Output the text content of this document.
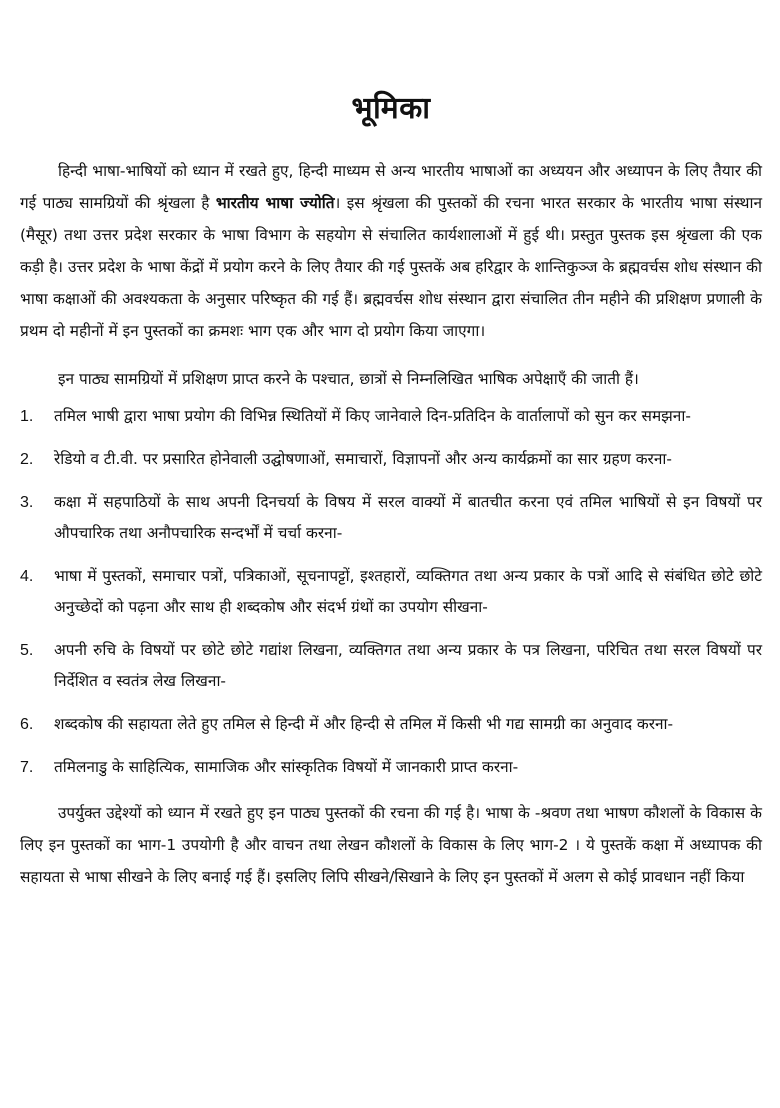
भूमिका

हिन्दी भाषा-भाषियों को ध्यान में रखते हुए, हिन्दी माध्यम से अन्य भारतीय भाषाओं का अध्ययन और अध्यापन के लिए तैयार की गई पाठ्य सामग्रियों की श्रृंखला है भारतीय भाषा ज्योति। इस श्रृंखला की पुस्तकों की रचना भारत सरकार के भारतीय भाषा संस्थान (मैसूर) तथा उत्तर प्रदेश सरकार के भाषा विभाग के सहयोग से संचालित कार्यशालाओं में हुई थी। प्रस्तुत पुस्तक इस श्रृंखला की एक कड़ी है। उत्तर प्रदेश के भाषा केंद्रों में प्रयोग करने के लिए तैयार की गई पुस्तकें अब हरिद्वार के शान्तिकुञ्ज के ब्रह्मवर्चस शोध संस्थान की भाषा कक्षाओं की अवश्यकता के अनुसार परिष्कृत की गई हैं। ब्रह्मवर्चस शोध संस्थान द्वारा संचालित तीन महीने की प्रशिक्षण प्रणाली के प्रथम दो महीनों में इन पुस्तकों का क्रमशः भाग एक और भाग दो प्रयोग किया जाएगा।

इन पाठ्य सामग्रियों में प्रशिक्षण प्राप्त करने के पश्चात, छात्रों से निम्नलिखित भाषिक अपेक्षाएँ की जाती हैं।

1.	तमिल भाषी द्वारा भाषा प्रयोग की विभिन्न स्थितियों में किए जानेवाले दिन-प्रतिदिन के वार्तालापों को सुन कर समझना-
2.	रेडियो व टी.वी. पर प्रसारित होनेवाली उद्घोषणाओं, समाचारों, विज्ञापनों और अन्य कार्यक्रमों का सार ग्रहण करना-
3.	कक्षा में सहपाठियों के साथ अपनी दिनचर्या के विषय में सरल वाक्यों में बातचीत करना एवं तमिल भाषियों से इन विषयों पर औपचारिक तथा अनौपचारिक सन्दर्भों में चर्चा करना-
4.	भाषा में पुस्तकों, समाचार पत्रों, पत्रिकाओं, सूचनापट्टों, इश्तहारों, व्यक्तिगत तथा अन्य प्रकार के पत्रों आदि से संबंधित छोटे छोटे अनुच्छेदों को पढ़ना और साथ ही शब्दकोष और संदर्भ ग्रंथों का उपयोग सीखना-
5.	अपनी रुचि के विषयों पर छोटे छोटे गद्यांश लिखना, व्यक्तिगत तथा अन्य प्रकार के पत्र लिखना, परिचित तथा सरल विषयों पर निर्देशित व स्वतंत्र लेख लिखना-
6.	शब्दकोष की सहायता लेते हुए तमिल से हिन्दी में और हिन्दी से तमिल में किसी भी गद्य सामग्री का अनुवाद करना-
7.	तमिलनाडु के साहित्यिक, सामाजिक और सांस्कृतिक विषयों में जानकारी प्राप्त करना-

उपर्युक्त उद्देश्यों को ध्यान में रखते हुए इन पाठ्य पुस्तकों की रचना की गई है। भाषा के -श्रवण तथा भाषण कौशलों के विकास के लिए इन पुस्तकों का भाग-1 उपयोगी है और वाचन तथा लेखन कौशलों के विकास के लिए भाग-2 । ये पुस्तकें कक्षा में अध्यापक की सहायता से भाषा सीखने के लिए बनाई गई हैं। इसलिए लिपि सीखने/सिखाने के लिए इन पुस्तकों में अलग से कोई प्रावधान नहीं किया
